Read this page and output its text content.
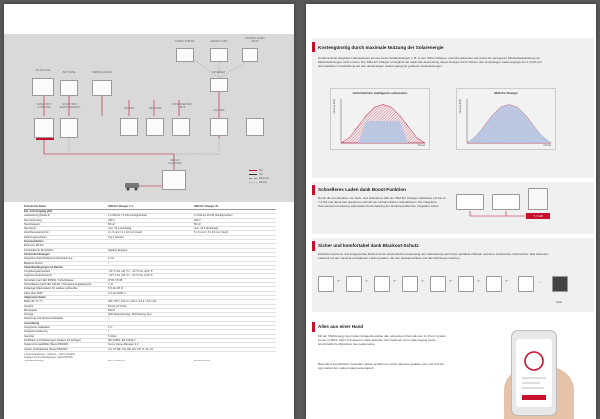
PV-ANLAGE
BATTERIE	VERBRAUCHER
SUNNY BOY
STORAGE
SUNNY BOY
SMART ENERGY	ZÄHLER	HEIZSTAB
INTEGRIERTES
NETZ
INTERNET
SUNNY PORTAL	ENERGY APP
SMA EV
CHARGER
ROUTER
ÖFFENTLICHES
NETZ
DC
AC
Ethernet
WLAN
Technische Daten	SMA EV Charger 7.4	SMA EV Charger 22
Ein- und Ausgang (AC)
Ladeleistung (Mode 3)	1,3 kW bis 7,4 kW (konfigurierbar)	1,3 kW bis 22 kW (konfigurierbar)
Nennspannung	230 V	400 V
Nennfrequenz	50 Hz	50 Hz
Nennstrom	max. 32 A einphasig	max. 32 A dreiphasig
Anschlussquerschnitt	3 x 6 mm² / 3 x 10 mm² (starr)	5 x 6 mm² / 5 x 10 mm² (starr)
Fahrzeuganschluss	Typ 2 Stecker
Kommunikation
Ethernet / WLAN
Fernbedienter Einschalter	digitaler Eingang
Schutzeinrichtungen
Integrierte Gleichfehlerstromüberwachung	6 mA
Blackout-Schutz	•
Umweltbedingungen im Betrieb
Umgebungstemperatur	−25 °C bis +40 °C / −13 °F bis +104 °F
Lagertemperaturbereich	−30 °C bis +60 °C / −22 °F bis +140 °F
Schutzart (nach IEC 60529) / Schutzklasse	IP 65 / IK 08
Schutzklasse (nach IEC 61140) / Überspannungskategorie	I / III
Zulässiger Maximalwert für relative Luftfeuchte	5 % bis 95 %
Höhe über NHN	0 m bis 2000 m
Allgemeine Daten
Maße (B / H / T)	460 / 357 / 122 mm (18,1 / 14,1 / 4,8 inch)
Gewicht	8,0 kg (17,6 lbs)
Montageart	Wand
Anzeige	LED-Statusanzeige, SMA Energy App
Steuerung und Nutzerschnittstelle	•
Ausstattung
Integriertes Ladekabel	5 m
Integrierte Halterung	•
Garantie	5 Jahre
Zertifikate und Zulassungen (weitere auf Anfrage)	IEC 61851, EN 61439-7
System-Kompatibilität (Stand 05/2020)	Sunny Home Manager 2.0
Länder-Verfügbarkeit (Stand 05/2020)	AU, AT, BE, CH, DE, ES, FR, IT, NL, PL
● Serienausstattung ○ Optional — Nicht verfügbar
Angaben bei Nennbedingungen, Stand 05/2020
Typenbezeichnung	EVC7.4-1AC-10	EVC22-3AC-10
Kostengünstig durch maximale Nutzung der Solarenergie
Herkömmliche stiegbare Ladestationen können keine Solarleistungen z. B. in den frühen Morgen- und Abendstunden auf grund der geringeren Mindestladeleistung von Elektrofahrzeugen nicht nutzen. Der SMA EV Charger ermöglicht die maximale Ausnutzung dieser Energie durch Starten des einphasigen Ladevorgangs bei 1,3 kW und automatischer Umschaltung auf den dreiphasigen Ladevorgang bei größeren Solarleistungen.
herkömmliche intelligente Ladestation
Leistung (kW)
Uhrzeit
SMA EV Charger
Leistung (kW)
Uhrzeit
Schnelleres Laden dank Boost-Funktion
Durch die Kombination von Netz- und Solarstrom lädt der SMA EV Charger wahlweise mit bis zu 7,4 kW und damit fast doppelt so schnell wie herkömmliche Ladestationen. Die integrierte Summenstrommessung stellt dabei die Einhaltung der landesspezifischen Vorgaben sicher.
7,4 kW
Sicher und komfortabel dank Blackout-Schutz
Einfache Insolvenz und zeitgerechter Betrieb durch automatische Anpassung der Ladeleistung auch beim parallelen Betrieb mehrerer elektrischer Verbraucher. Das bedeutet: Ladezeit mit der maximal verfügbaren Leistung laden, die den Hausanschluss und das Fahrzeug erreichen.
+	+	+	+	+	+	+	→
Safe
Alles aus einer Hand
Mit der SMA Energy App haben Anlagenbetreiber alle relevanten Informationen zu ihrem System immer im Blick. Mehr Transparenz dank aktueller Informationen zum Ladevorgang sowie komfortable Konfiguration des Lademodus.
Besonders komfortabel: Anwender geben einfach ein, wann das Auto geladen sein soll und die App startet den Ladevorgang automatisch.
